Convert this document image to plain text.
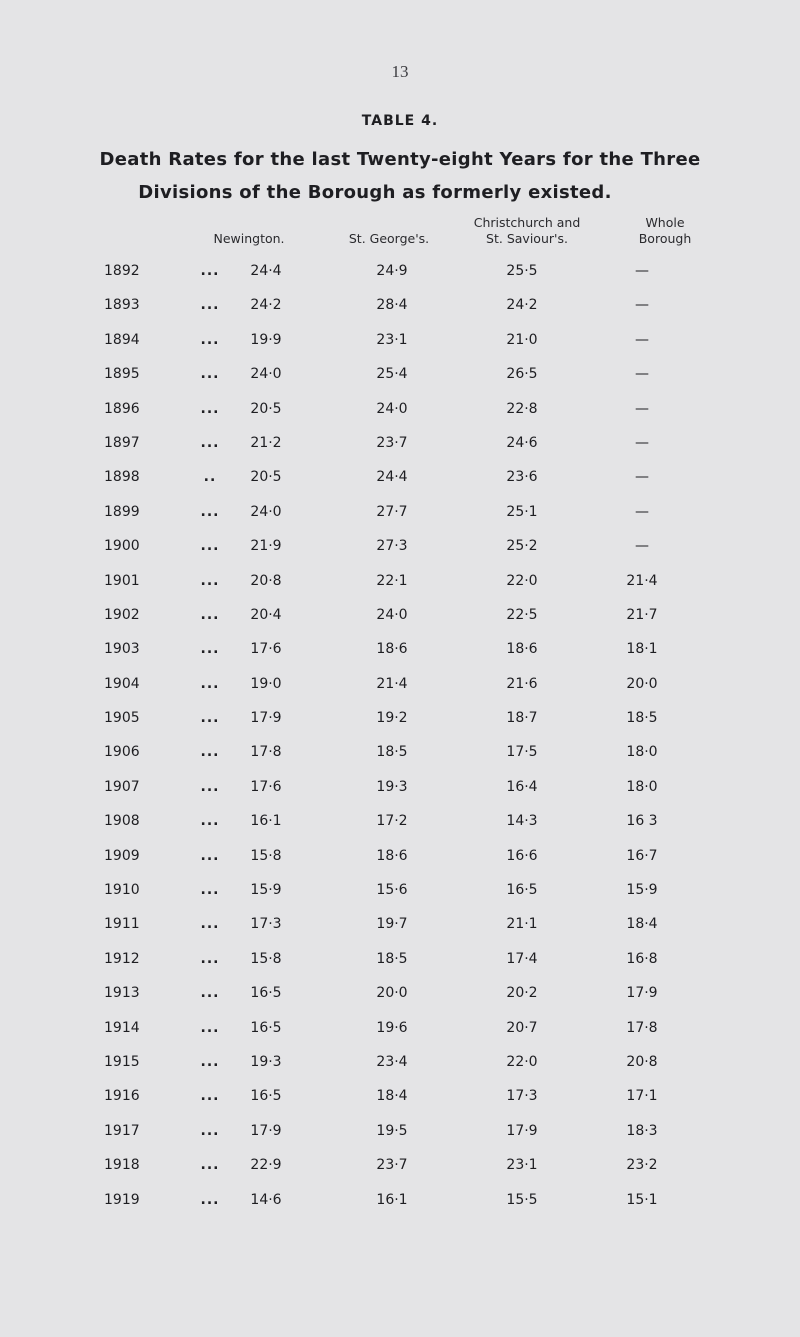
13
TABLE 4.
Death Rates for the last Twenty-eight Years for the Three
Divisions of the Borough as formerly existed.
Newington.	St. George's.
Christchurch and
St. Saviour's.
Whole
Borough
1892	...	24·4	24·9	25·5	—
1893	...	24·2	28·4	24·2	—
1894	...	19·9	23·1	21·0	—
1895	...	24·0	25·4	26·5	—
1896	...	20·5	24·0	22·8	—
1897	...	21·2	23·7	24·6	—
1898	..	20·5	24·4	23·6	—
1899	...	24·0	27·7	25·1	—
1900	...	21·9	27·3	25·2	—
1901	...	20·8	22·1	22·0	21·4
1902	...	20·4	24·0	22·5	21·7
1903	...	17·6	18·6	18·6	18·1
1904	...	19·0	21·4	21·6	20·0
1905	...	17·9	19·2	18·7	18·5
1906	...	17·8	18·5	17·5	18·0
1907	...	17·6	19·3	16·4	18·0
1908	...	16·1	17·2	14·3	16 3
1909	...	15·8	18·6	16·6	16·7
1910	...	15·9	15·6	16·5	15·9
1911	...	17·3	19·7	21·1	18·4
1912	...	15·8	18·5	17·4	16·8
1913	...	16·5	20·0	20·2	17·9
1914	...	16·5	19·6	20·7	17·8
1915	...	19·3	23·4	22·0	20·8
1916	...	16·5	18·4	17·3	17·1
1917	...	17·9	19·5	17·9	18·3
1918	...	22·9	23·7	23·1	23·2
1919	...	14·6	16·1	15·5	15·1
